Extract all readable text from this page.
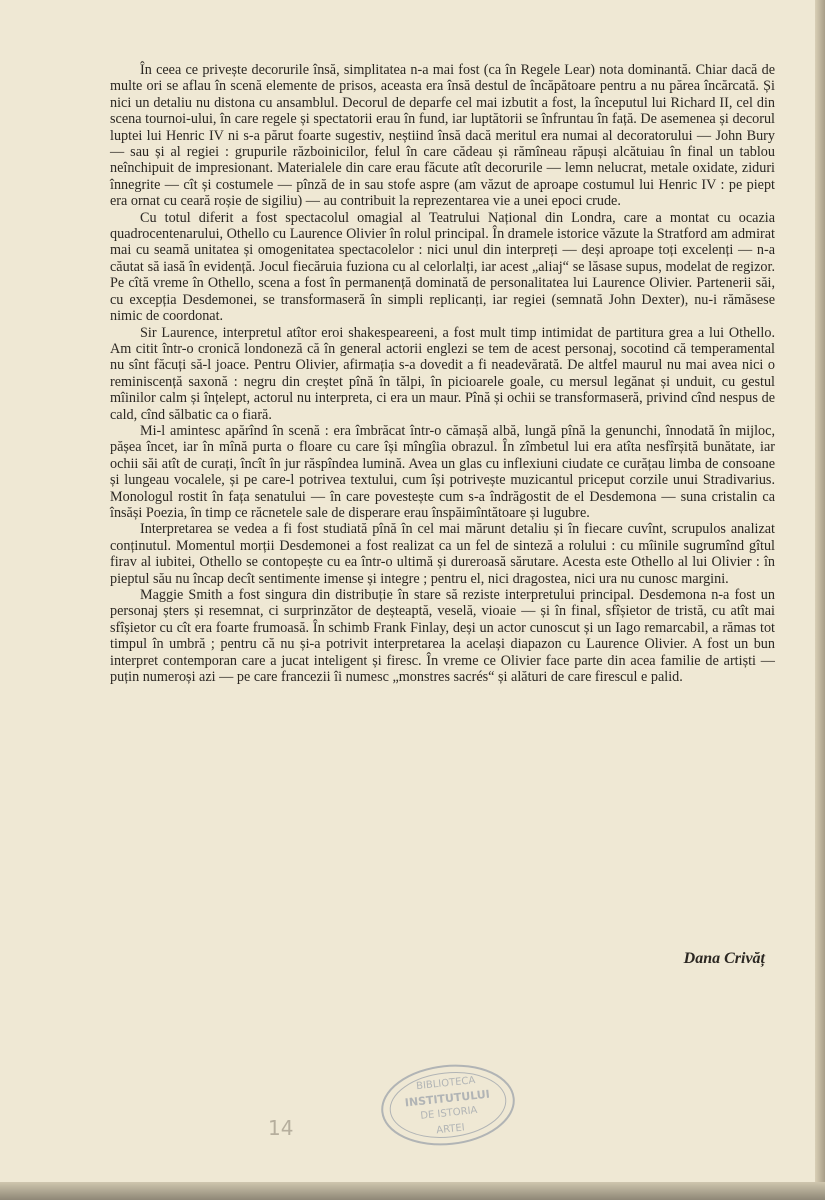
În ceea ce privește decorurile însă, simplitatea n-a mai fost (ca în Regele Lear) nota dominantă. Chiar dacă de multe ori se aflau în scenă elemente de prisos, aceasta era însă destul de încăpătoare pentru a nu părea încărcată. Și nici un detaliu nu distona cu ansamblul. Decorul de deparfe cel mai izbutit a fost, la începutul lui Richard II, cel din scena tournoi-ului, în care regele și spectatorii erau în fund, iar luptătorii se înfruntau în față. De asemenea și decorul luptei lui Henric IV ni s-a părut foarte sugestiv, neștiind însă dacă meritul era numai al decoratorului — John Bury — sau și al regiei : grupurile războinicilor, felul în care cădeau și rămîneau răpuși alcătuiau în final un tablou neînchipuit de impresionant. Materialele din care erau făcute atît decorurile — lemn nelucrat, metale oxidate, ziduri înnegrite — cît și costumele — pînză de in sau stofe aspre (am văzut de aproape costumul lui Henric IV : pe piept era ornat cu ceară roșie de sigiliu) — au contribuit la reprezentarea vie a unei epoci crude.

Cu totul diferit a fost spectacolul omagial al Teatrului Național din Londra, care a montat cu ocazia quadrocentenarului, Othello cu Laurence Olivier în rolul principal. În dramele istorice văzute la Stratford am admirat mai cu seamă unitatea și omogenitatea spectacolelor : nici unul din interpreți — deși aproape toți excelenți — n-a căutat să iasă în evidență. Jocul fiecăruia fuziona cu al celorlalți, iar acest „aliaj“ se lăsase supus, modelat de regizor. Pe cîtă vreme în Othello, scena a fost în permanență dominată de personalitatea lui Laurence Olivier. Partenerii săi, cu excepția Desdemonei, se transformaseră în simpli replicanți, iar regiei (semnată John Dexter), nu-i rămăsese nimic de coordonat.

Sir Laurence, interpretul atîtor eroi shakespeareeni, a fost mult timp intimidat de partitura grea a lui Othello. Am citit într-o cronică londoneză că în general actorii englezi se tem de acest personaj, socotind că temperamental nu sînt făcuți să-l joace. Pentru Olivier, afirmația s-a dovedit a fi neadevărată. De altfel maurul nu mai avea nici o reminiscență saxonă : negru din creștet pînă în tălpi, în picioarele goale, cu mersul legănat și unduit, cu gestul mîinilor calm și înțelept, actorul nu interpreta, ci era un maur. Pînă și ochii se transformaseră, privind cînd nespus de cald, cînd sălbatic ca o fiară.

Mi-l amintesc apărînd în scenă : era îmbrăcat într-o cămașă albă, lungă pînă la genunchi, înnodată în mijloc, pășea încet, iar în mînă purta o floare cu care își mîngîia obrazul. În zîmbetul lui era atîta nesfîrșită bunătate, iar ochii săi atît de curați, încît în jur răspîndea lumină. Avea un glas cu inflexiuni ciudate ce curățau limba de consoane și lungeau vocalele, și pe care-l potrivea textului, cum își potrivește muzicantul priceput corzile unui Stradivarius. Monologul rostit în fața senatului — în care povestește cum s-a îndrăgostit de el Desdemona — suna cristalin ca însăși Poezia, în timp ce răcnetele sale de disperare erau înspăimîntătoare și lugubre.

Interpretarea se vedea a fi fost studiată pînă în cel mai mărunt detaliu și în fiecare cuvînt, scrupulos analizat conținutul. Momentul morții Desdemonei a fost realizat ca un fel de sinteză a rolului : cu mîinile sugrumînd gîtul firav al iubitei, Othello se contopește cu ea într-o ultimă și dureroasă sărutare. Acesta este Othello al lui Olivier : în pieptul său nu încap decît sentimente imense și integre ; pentru el, nici dragostea, nici ura nu cunosc margini.

Maggie Smith a fost singura din distribuție în stare să reziste interpretului principal. Desdemona n-a fost un personaj șters și resemnat, ci surprinzător de deșteaptă, veselă, vioaie — și în final, sfîșietor de tristă, cu atît mai sfîșietor cu cît era foarte frumoasă. În schimb Frank Finlay, deși un actor cunoscut și un Iago remarcabil, a rămas tot timpul în umbră ; pentru că nu și-a potrivit interpretarea la același diapazon cu Laurence Olivier. A fost un bun interpret contemporan care a jucat inteligent și firesc. În vreme ce Olivier face parte din acea familie de artiști — puțin numeroși azi — pe care francezii îi numesc „monstres sacrés“ și alături de care firescul e palid.

Dana Crivăț
BIBLIOTECA
INSTITUTULUI
DE ISTORIA
ARTEI
14
